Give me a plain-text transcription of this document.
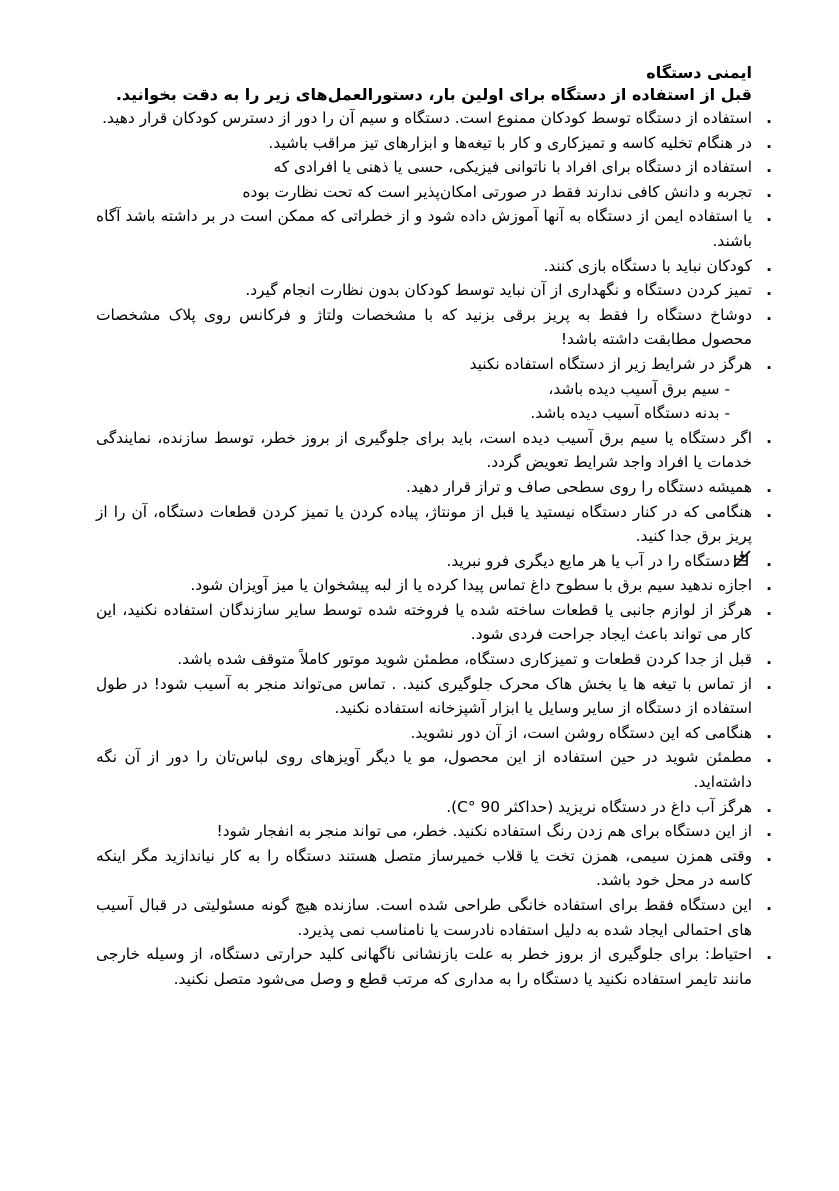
ایمنی دستگاه

قبل از استفاده از دستگاه برای اولین بار، دستورالعمل‌های زیر را به دقت بخوانید.

استفاده از دستگاه توسط کودکان ممنوع است. دستگاه و سیم آن را دور از دسترس کودکان قرار دهید. .
در هنگام تخلیه کاسه و تمیزکاری و کار با تیغه‌ها و ابزارهای تیز مراقب باشید. .
استفاده از دستگاه برای افراد با ناتوانی فیزیکی، حسی یا ذهنی یا افرادی که .
تجربه و دانش کافی ندارند فقط در صورتی امکان‌پذیر است که تحت نظارت بوده .
یا استفاده ایمن از دستگاه به آنها آموزش داده شود و از خطراتی که ممکن است در بر داشته باشد آگاه باشند. .
کودکان نباید با دستگاه بازی کنند. .
تمیز کردن دستگاه و نگهداری از آن نباید توسط کودکان بدون نظارت انجام گیرد. .
دوشاخ دستگاه را فقط به پریز برقی بزنید که با مشخصات ولتاژ و فرکانس روی پلاک مشخصات محصول مطابقت داشته باشد! .
هرگز در شرایط زیر از دستگاه استفاده نکنید
- سیم برق آسیب دیده باشد،
- بدنه دستگاه آسیب دیده باشد.
.
اگر دستگاه یا سیم برق آسیب دیده است، باید برای جلوگیری از بروز خطر، توسط سازنده، نمایندگی خدمات یا افراد واجد شرایط تعویض گردد. .
همیشه دستگاه را روی سطحی صاف و تراز قرار دهید. .
هنگامی که در کنار دستگاه نیستید یا قبل از مونتاژ، پیاده کردن یا تمیز کردن قطعات دستگاه، آن را از پریز برق جدا کنید. .
دستگاه را در آب یا هر مایع دیگری فرو نبرید. .
اجازه ندهید سیم برق با سطوح داغ تماس پیدا کرده یا از لبه پیشخوان یا میز آویزان شود. .
هرگز از لوازم جانبی یا قطعات ساخته شده یا فروخته شده توسط سایر سازندگان استفاده نکنید، این کار می تواند باعث ایجاد جراحت فردی شود. .
قبل از جدا کردن قطعات و تمیزکاری دستگاه، مطمئن شوید موتور کاملاً متوقف شده باشد. .
از تماس با تیغه ها یا بخش هاک محرک جلوگیری کنید. . تماس می‌تواند منجر به آسیب شود! در طول استفاده از دستگاه از سایر وسایل یا ابزار آشپزخانه استفاده نکنید. .
هنگامی که این دستگاه روشن است، از آن دور نشوید. .
مطمئن شوید در حین استفاده از این محصول، مو یا دیگر آویزهای روی لباس‌تان را دور از آن نگه داشته‌اید. .
هرگز آب داغ در دستگاه نریزید (حداکثر C° 90). .
از این دستگاه برای هم زدن رنگ استفاده نکنید. خطر، می تواند منجر به انفجار شود! .
وقتی همزن سیمی، همزن تخت یا قلاب خمیرساز متصل هستند دستگاه را به کار نیاندازید مگر اینکه کاسه در محل خود باشد. .
این دستگاه فقط برای استفاده خانگی طراحی شده است. سازنده هیچ گونه مسئولیتی در قبال آسیب های احتمالی ایجاد شده به دلیل استفاده نادرست یا نامناسب نمی پذیرد. .
احتیاط: برای جلوگیری از بروز خطر به علت بازنشانی ناگهانی کلید حرارتی دستگاه، از وسیله خارجی مانند تایمر استفاده نکنید یا دستگاه را به مداری که مرتب قطع و وصل می‌شود متصل نکنید. .
